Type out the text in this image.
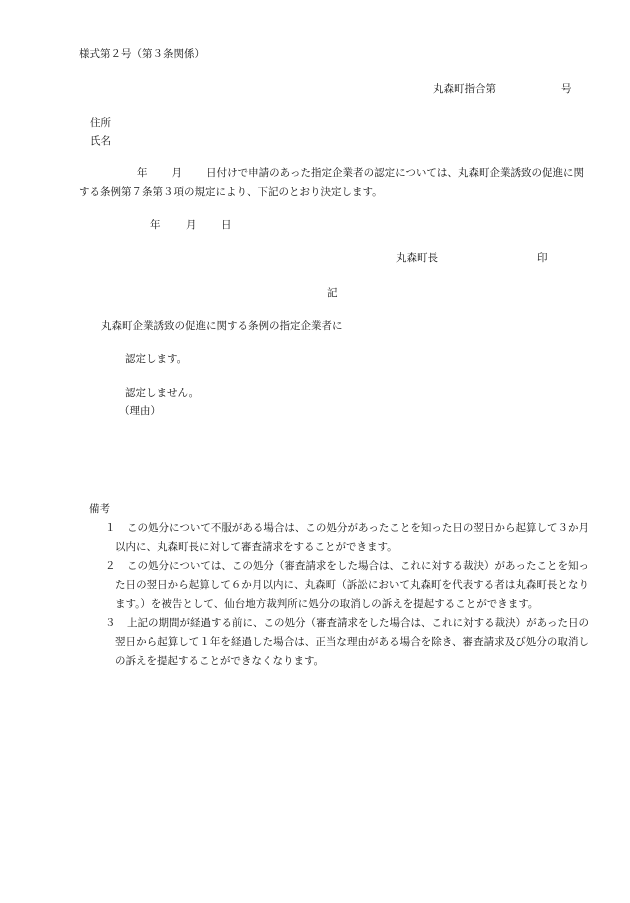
様式第２号（第３条関係）
丸森町指合第	号
住所
氏名
年 月 日付けで申請のあった指定企業者の認定については、丸森町企業誘致の促進に関する条例第７条第３項の規定により、下記のとおり決定します。
年 月 日
丸森町長	印
記
丸森町企業誘致の促進に関する条例の指定企業者に
認定します。
認定しません。
（理由）
備考
１	この処分について不服がある場合は、この処分があったことを知った日の翌日から起算して３か月以内に、丸森町長に対して審査請求をすることができます。
２	この処分については、この処分（審査請求をした場合は、これに対する裁決）があったことを知った日の翌日から起算して６か月以内に、丸森町（訴訟において丸森町を代表する者は丸森町長となります。）を被告として、仙台地方裁判所に処分の取消しの訴えを提起することができます。
３	上記の期間が経過する前に、この処分（審査請求をした場合は、これに対する裁決）があった日の翌日から起算して１年を経過した場合は、正当な理由がある場合を除き、審査請求及び処分の取消しの訴えを提起することができなくなります。
